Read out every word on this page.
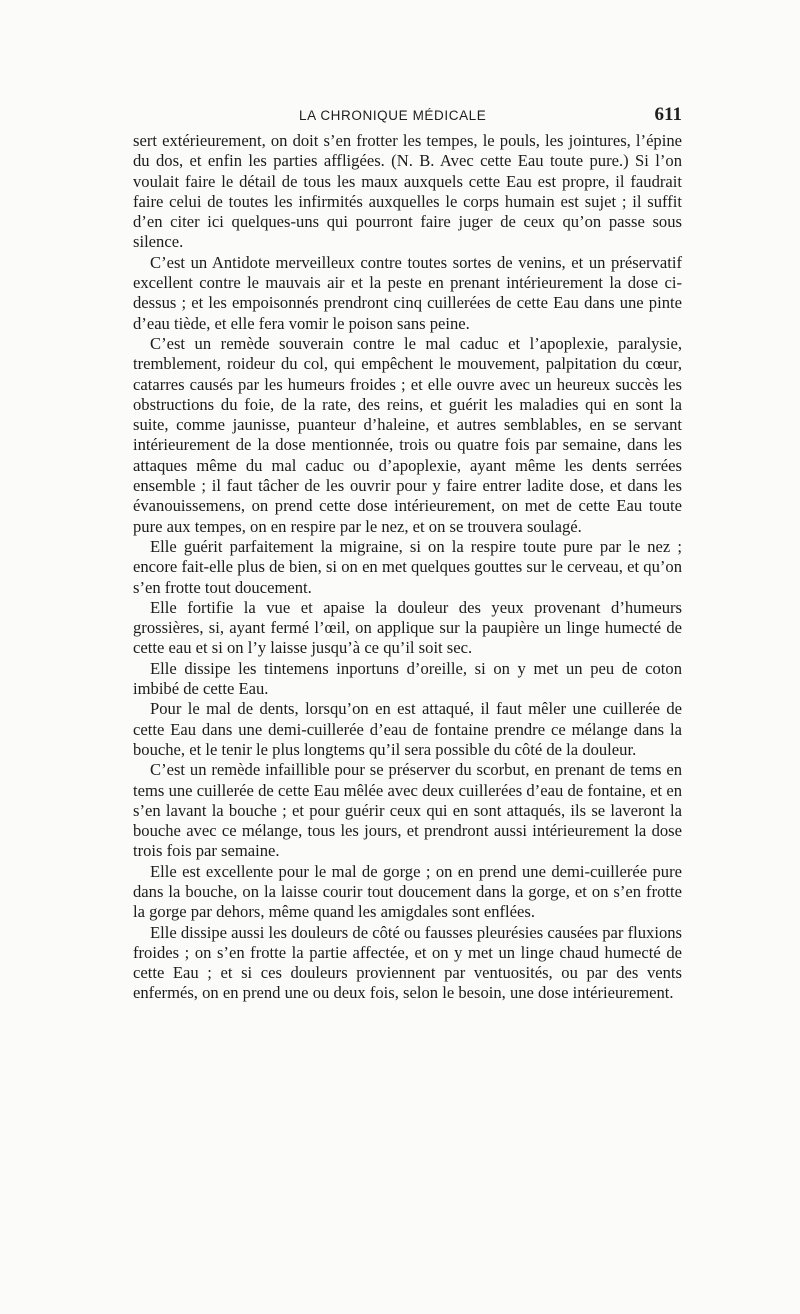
LA CHRONIQUE MÉDICALE	611

sert extérieurement, on doit s’en frotter les tempes, le pouls, les jointures, l’épine du dos, et enfin les parties affligées. (N. B. Avec cette Eau toute pure.) Si l’on voulait faire le détail de tous les maux auxquels cette Eau est propre, il faudrait faire celui de toutes les infirmités auxquelles le corps humain est sujet ; il suffit d’en citer ici quelques-uns qui pourront faire juger de ceux qu’on passe sous silence.

C’est un Antidote merveilleux contre toutes sortes de venins, et un préservatif excellent contre le mauvais air et la peste en prenant intérieurement la dose ci-dessus ; et les empoisonnés prendront cinq cuillerées de cette Eau dans une pinte d’eau tiède, et elle fera vomir le poison sans peine.

C’est un remède souverain contre le mal caduc et l’apoplexie, paralysie, tremblement, roideur du col, qui empêchent le mouvement, palpitation du cœur, catarres causés par les humeurs froides ; et elle ouvre avec un heureux succès les obstructions du foie, de la rate, des reins, et guérit les maladies qui en sont la suite, comme jaunisse, puanteur d’haleine, et autres semblables, en se servant intérieurement de la dose mentionnée, trois ou quatre fois par semaine, dans les attaques même du mal caduc ou d’apoplexie, ayant même les dents serrées ensemble ; il faut tâcher de les ouvrir pour y faire entrer ladite dose, et dans les évanouissemens, on prend cette dose intérieurement, on met de cette Eau toute pure aux tempes, on en respire par le nez, et on se trouvera soulagé.

Elle guérit parfaitement la migraine, si on la respire toute pure par le nez ; encore fait-elle plus de bien, si on en met quelques gouttes sur le cerveau, et qu’on s’en frotte tout doucement.

Elle fortifie la vue et apaise la douleur des yeux provenant d’humeurs grossières, si, ayant fermé l’œil, on applique sur la paupière un linge humecté de cette eau et si on l’y laisse jusqu’à ce qu’il soit sec.

Elle dissipe les tintemens inportuns d’oreille, si on y met un peu de coton imbibé de cette Eau.

Pour le mal de dents, lorsqu’on en est attaqué, il faut mêler une cuillerée de cette Eau dans une demi-cuillerée d’eau de fontaine prendre ce mélange dans la bouche, et le tenir le plus longtems qu’il sera possible du côté de la douleur.

C’est un remède infaillible pour se préserver du scorbut, en prenant de tems en tems une cuillerée de cette Eau mêlée avec deux cuillerées d’eau de fontaine, et en s’en lavant la bouche ; et pour guérir ceux qui en sont attaqués, ils se laveront la bouche avec ce mélange, tous les jours, et prendront aussi intérieurement la dose trois fois par semaine.

Elle est excellente pour le mal de gorge ; on en prend une demi-cuillerée pure dans la bouche, on la laisse courir tout doucement dans la gorge, et on s’en frotte la gorge par dehors, même quand les amigdales sont enflées.

Elle dissipe aussi les douleurs de côté ou fausses pleurésies causées par fluxions froides ; on s’en frotte la partie affectée, et on y met un linge chaud humecté de cette Eau ; et si ces douleurs proviennent par ventuosités, ou par des vents enfermés, on en prend une ou deux fois, selon le besoin, une dose intérieurement.
